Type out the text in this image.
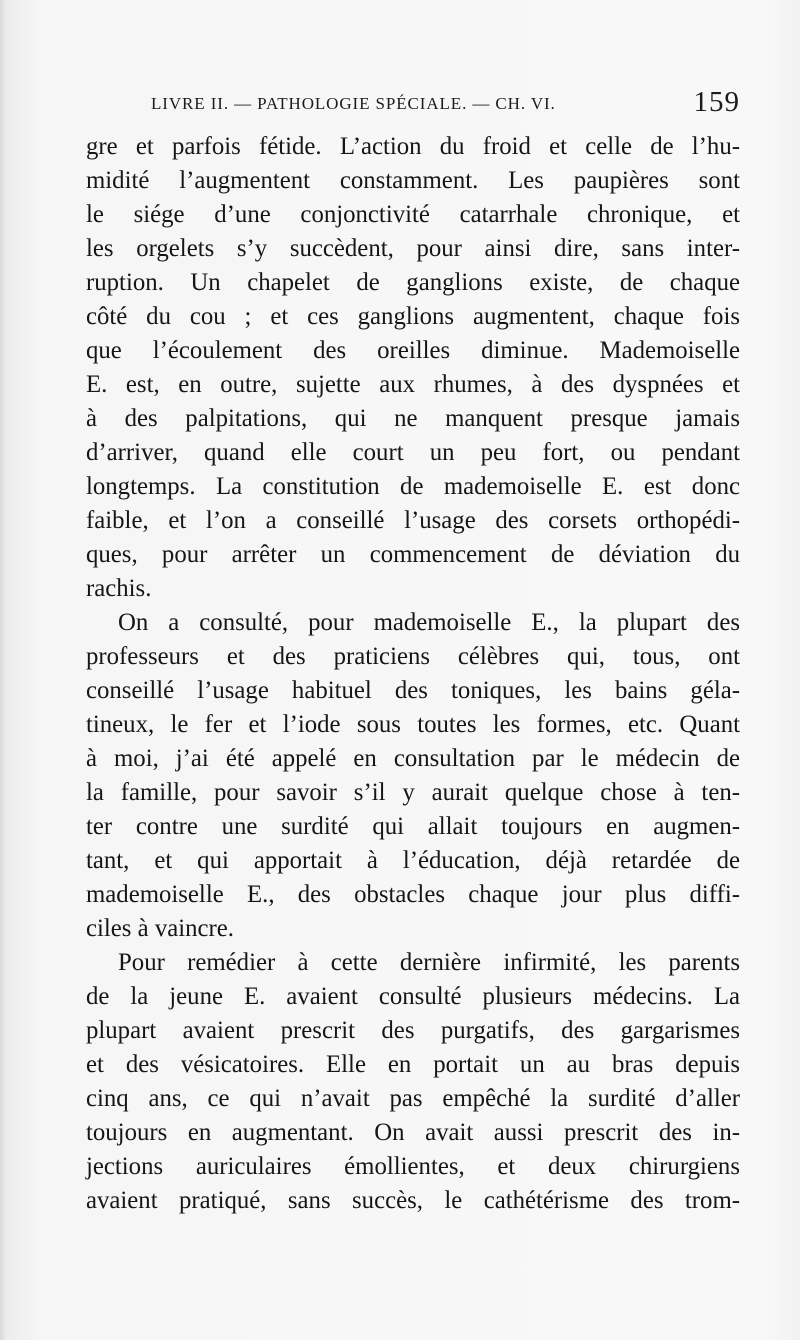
LIVRE II. — PATHOLOGIE SPÉCIALE. — CH. VI.	159
gre et parfois fétide. L’action du froid et celle de l’hu-
midité l’augmentent constamment. Les paupières sont
le siége d’une conjonctivité catarrhale chronique, et
les orgelets s’y succèdent, pour ainsi dire, sans inter-
ruption. Un chapelet de ganglions existe, de chaque
côté du cou ; et ces ganglions augmentent, chaque fois
que l’écoulement des oreilles diminue. Mademoiselle
E. est, en outre, sujette aux rhumes, à des dyspnées et
à des palpitations, qui ne manquent presque jamais
d’arriver, quand elle court un peu fort, ou pendant
longtemps. La constitution de mademoiselle E. est donc
faible, et l’on a conseillé l’usage des corsets orthopédi-
ques, pour arrêter un commencement de déviation du
rachis.
On a consulté, pour mademoiselle E., la plupart des
professeurs et des praticiens célèbres qui, tous, ont
conseillé l’usage habituel des toniques, les bains géla-
tineux, le fer et l’iode sous toutes les formes, etc. Quant
à moi, j’ai été appelé en consultation par le médecin de
la famille, pour savoir s’il y aurait quelque chose à ten-
ter contre une surdité qui allait toujours en augmen-
tant, et qui apportait à l’éducation, déjà retardée de
mademoiselle E., des obstacles chaque jour plus diffi-
ciles à vaincre.
Pour remédier à cette dernière infirmité, les parents
de la jeune E. avaient consulté plusieurs médecins. La
plupart avaient prescrit des purgatifs, des gargarismes
et des vésicatoires. Elle en portait un au bras depuis
cinq ans, ce qui n’avait pas empêché la surdité d’aller
toujours en augmentant. On avait aussi prescrit des in-
jections auriculaires émollientes, et deux chirurgiens
avaient pratiqué, sans succès, le cathétérisme des trom-
